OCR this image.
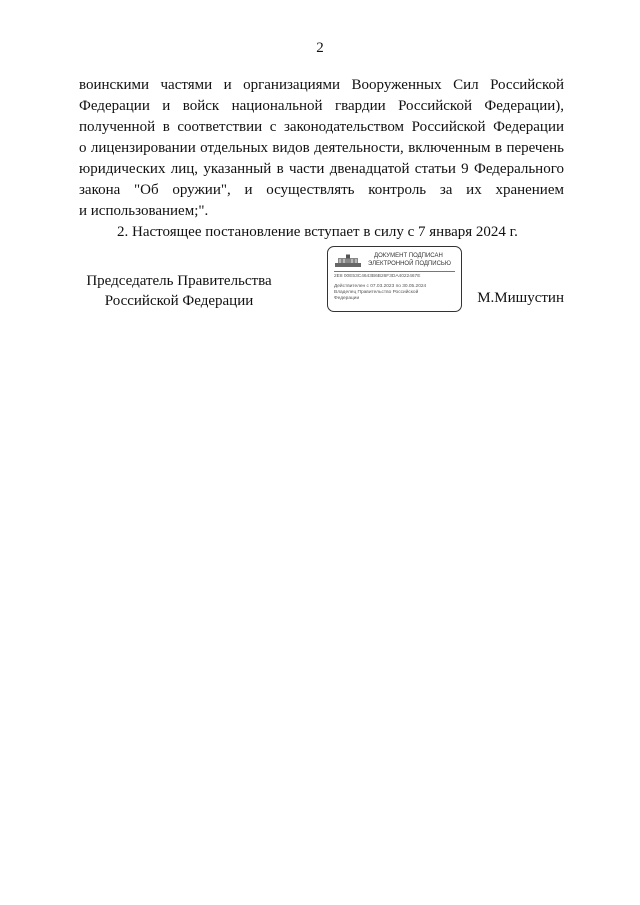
2
воинскими частями и организациями Вооруженных Сил Российской
Федерации и войск национальной гвардии Российской Федерации),
полученной в соответствии с законодательством Российской Федерации
о лицензировании отдельных видов деятельности, включенным в перечень
юридических лиц, указанный в части двенадцатой статьи 9 Федерального
закона "Об оружии", и осуществлять контроль за их хранением
и использованием;".
2. Настоящее постановление вступает в силу с 7 января 2024 г.
Председатель Правительства
Российской Федерации
ДОКУМЕНТ ПОДПИСАН
ЭЛЕКТРОННОЙ ПОДПИСЬЮ
2E8 00E53C4643B6B26F3DA4022467E
Действителен с 07.03.2023 по 30.05.2024
Владелец Правительство Российской
Федерации	М.Мишустин
